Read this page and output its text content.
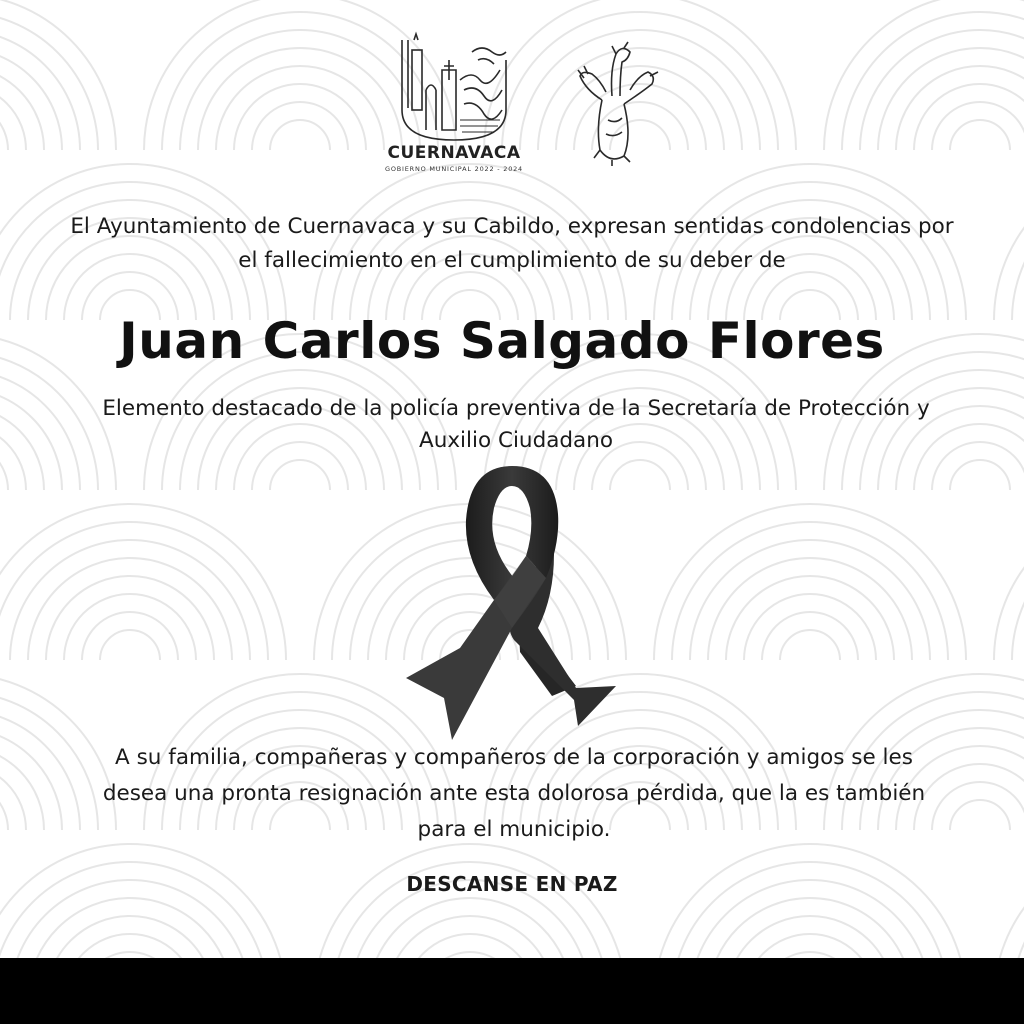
CUERNAVACA
GOBIERNO MUNICIPAL 2022 - 2024
El Ayuntamiento de Cuernavaca y su Cabildo, expresan sentidas condolencias por el fallecimiento en el cumplimiento de su deber de
Juan Carlos Salgado Flores
Elemento destacado de la policía preventiva de la Secretaría de Protección y Auxilio Ciudadano
A su familia, compañeras y compañeros de la corporación y amigos se les desea una pronta resignación ante esta dolorosa pérdida, que la es también para el municipio.
DESCANSE EN PAZ
